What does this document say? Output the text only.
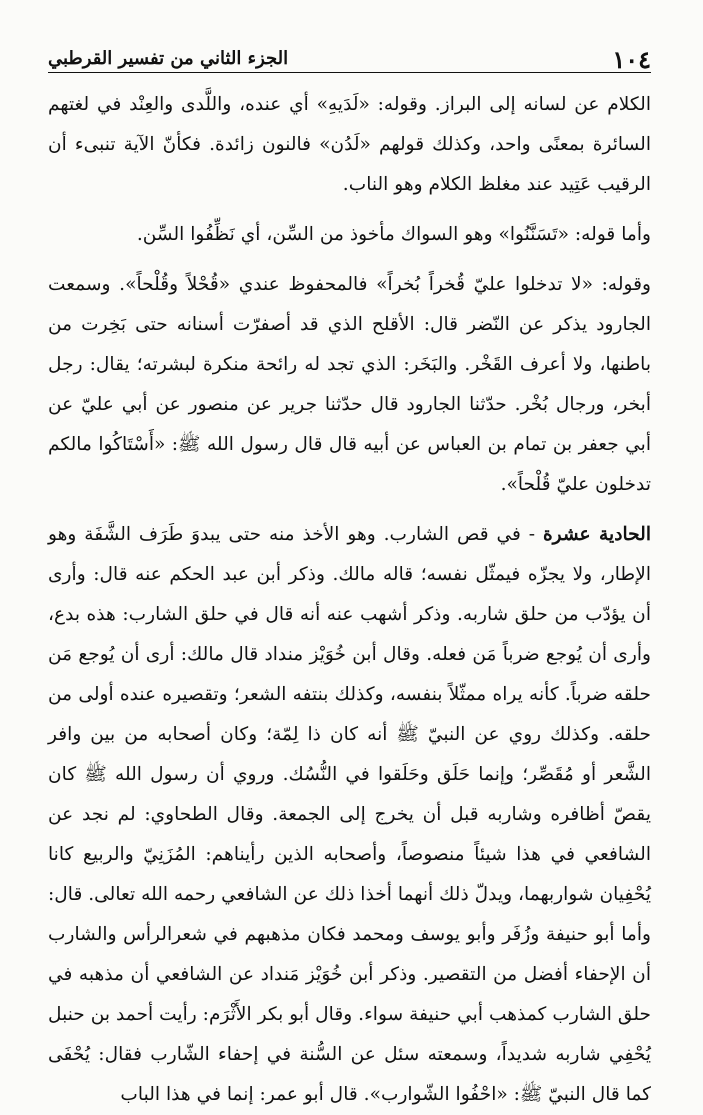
١٠٤
الجزء الثاني من تفسير القرطبي
الكلام عن لسانه إلى البراز. وقوله: «لَدَيهِ» أي عنده، واللَّدى والعِنْد في لغتهم السائرة بمعنًى واحد، وكذلك قولهم «لَدُن» فالنون زائدة. فكأنّ الآية تنبىء أن الرقيب عَتِيد عند مغلظ الكلام وهو الناب.
وأما قوله: «تَسَنَّنُوا» وهو السواك مأخوذ من السِّن، أي نَظِّفُوا السِّن.
وقوله: «لا تدخلوا عليّ قُخراً بُخراً» فالمحفوظ عندي «قُحْلاً وقُلْحاً». وسمعت الجارود يذكر عن النّضر قال: الأقلح الذي قد أصفرّت أسنانه حتى بَخِرت من باطنها، ولا أعرف القَخْر. والبَخَر: الذي تجد له رائحة منكرة لبشرته؛ يقال: رجل أبخر، ورجال بُخْر. حدّثنا الجارود قال حدّثنا جرير عن منصور عن أبي عليّ عن أبي جعفر بن تمام بن العباس عن أبيه قال قال رسول الله ﷺ: «أَسْتَاكُوا مالكم تدخلون عليّ قُلْحاً».
الحادية عشرة - في قص الشارب. وهو الأخذ منه حتى يبدوَ طَرَف الشَّفَة وهو الإطار، ولا يجزّه فيمثّل نفسه؛ قاله مالك. وذكر أبن عبد الحكم عنه قال: وأرى أن يؤدّب من حلق شاربه. وذكر أشهب عنه أنه قال في حلق الشارب: هذه بدع، وأرى أن يُوجع ضرباً مَن فعله. وقال أبن خُوَيْز منداد قال مالك: أرى أن يُوجع مَن حلقه ضرباً. كأنه يراه ممثّلاً بنفسه، وكذلك بنتفه الشعر؛ وتقصيره عنده أولى من حلقه. وكذلك روي عن النبيّ ﷺ أنه كان ذا لِمّة؛ وكان أصحابه من بين وافر الشَّعر أو مُقَصِّر؛ وإنما حَلَق وحَلَقوا في النُّسُك. وروي أن رسول الله ﷺ كان يقصّ أظافره وشاربه قبل أن يخرج إلى الجمعة. وقال الطحاوي: لم نجد عن الشافعي في هذا شيئاً منصوصاً، وأصحابه الذين رأيناهم: المُزَنِيّ والربيع كانا يُحْفِيان شواربهما، ويدلّ ذلك أنهما أخذا ذلك عن الشافعي رحمه الله تعالى. قال: وأما أبو حنيفة وزُفَر وأبو يوسف ومحمد فكان مذهبهم في شعرالرأس والشارب أن الإحفاء أفضل من التقصير. وذكر أبن خُوَيْز مَنداد عن الشافعي أن مذهبه في حلق الشارب كمذهب أبي حنيفة سواء. وقال أبو بكر الأَثْرَم: رأيت أحمد بن حنبل يُحْفِي شاربه شديداً، وسمعته سئل عن السُّنة في إحفاء الشّارب فقال: يُحْفَى كما قال النبيّ ﷺ: «احْفُوا الشّوارب». قال أبو عمر: إنما في هذا الباب
